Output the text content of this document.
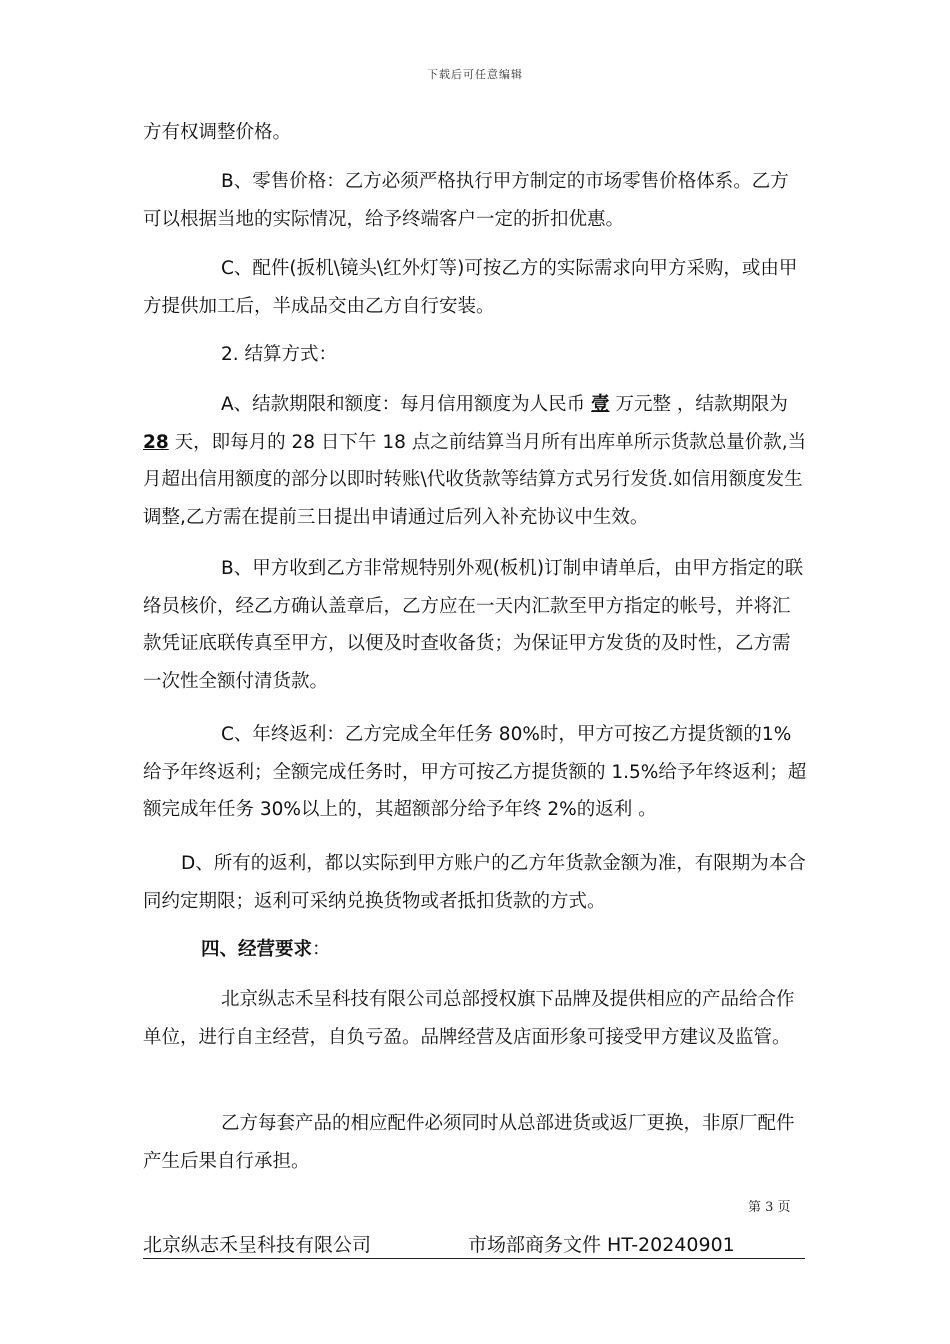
下载后可任意编辑

方有权调整价格。

B、零售价格：乙方必须严格执行甲方制定的市场零售价格体系。乙方可以根据当地的实际情况，给予终端客户一定的折扣优惠。

C、配件(扳机\镜头\红外灯等)可按乙方的实际需求向甲方采购，或由甲方提供加工后，半成品交由乙方自行安装。

2. 结算方式：

A、结款期限和额度：每月信用额度为人民币 壹 万元整 ，结款期限为 28 天，即每月的 28 日下午 18 点之前结算当月所有出库单所示货款总量价款,当月超出信用额度的部分以即时转账\代收货款等结算方式另行发货.如信用额度发生调整,乙方需在提前三日提出申请通过后列入补充协议中生效。

B、甲方收到乙方非常规特别外观(板机)订制申请单后，由甲方指定的联络员核价，经乙方确认盖章后，乙方应在一天内汇款至甲方指定的帐号，并将汇款凭证底联传真至甲方，以便及时查收备货；为保证甲方发货的及时性，乙方需一次性全额付清货款。

C、年终返利：乙方完成全年任务 80%时，甲方可按乙方提货额的1%给予年终返利；全额完成任务时，甲方可按乙方提货额的 1.5%给予年终返利；超额完成年任务 30%以上的，其超额部分给予年终 2%的返利 。

D、所有的返利，都以实际到甲方账户的乙方年货款金额为准，有限期为本合同约定期限；返利可采纳兑换货物或者抵扣货款的方式。

四、经营要求：

北京纵志禾呈科技有限公司总部授权旗下品牌及提供相应的产品给合作单位，进行自主经营，自负亏盈。品牌经营及店面形象可接受甲方建议及监管。

乙方每套产品的相应配件必须同时从总部进货或返厂更换，非原厂配件产生后果自行承担。

第 3 页
北京纵志禾呈科技有限公司	市场部商务文件 HT-20240901
